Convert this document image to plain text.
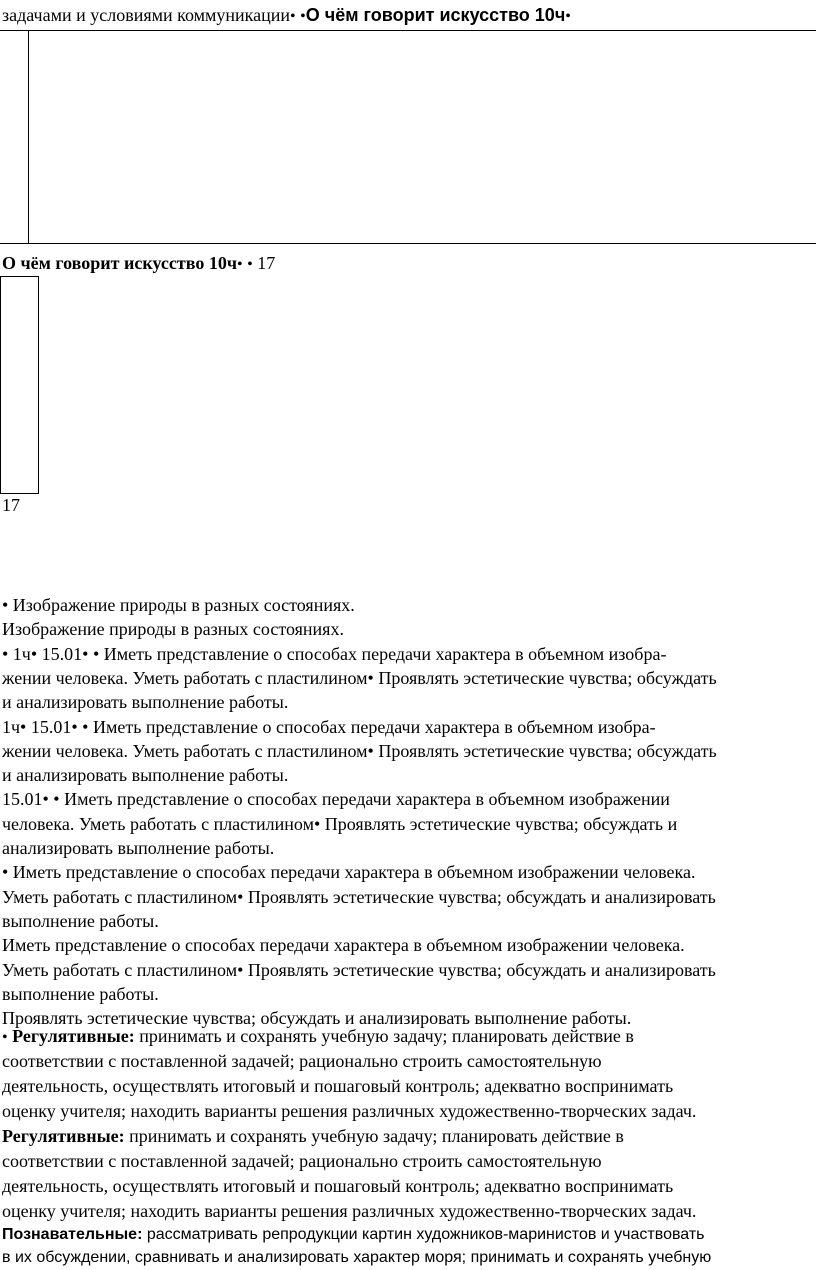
задачами и условиями коммуникации• •О чём говорит искусство 10ч•
О чём говорит искусство 10ч• • 17
17
• Изображение природы в разных состояниях.
Изображение природы в разных состояниях.
• 1ч• 15.01• • Иметь представление о способах передачи характера в объемном изобра-
жении человека. Уметь работать с пластилином• Проявлять эстетические чувства; обсуждать
и анализировать выполнение работы.
1ч• 15.01• • Иметь представление о способах передачи характера в объемном изобра-
жении человека. Уметь работать с пластилином• Проявлять эстетические чувства; обсуждать
и анализировать выполнение работы.
15.01• • Иметь представление о способах передачи характера в объемном изображении
человека. Уметь работать с пластилином• Проявлять эстетические чувства; обсуждать и
анализировать выполнение работы.
• Иметь представление о способах передачи характера в объемном изображении человека.
Уметь работать с пластилином• Проявлять эстетические чувства; обсуждать и анализировать
выполнение работы.
Иметь представление о способах передачи характера в объемном изображении человека.
Уметь работать с пластилином• Проявлять эстетические чувства; обсуждать и анализировать
выполнение работы.
Проявлять эстетические чувства; обсуждать и анализировать выполнение работы.
• Регулятивные: принимать и сохранять учебную задачу; планировать действие в
соответствии с поставленной задачей; рационально строить самостоятельную
деятельность, осуществлять итоговый и пошаговый контроль; адекватно воспринимать
оценку учителя; находить варианты решения различных художественно-творческих задач.
Регулятивные: принимать и сохранять учебную задачу; планировать действие в
соответствии с поставленной задачей; рационально строить самостоятельную
деятельность, осуществлять итоговый и пошаговый контроль; адекватно воспринимать
оценку учителя; находить варианты решения различных художественно-творческих задач.
Познавательные: рассматривать репродукции картин художников-маринистов и участвовать
в их обсуждении, сравнивать и анализировать характер моря; принимать и сохранять учебную
